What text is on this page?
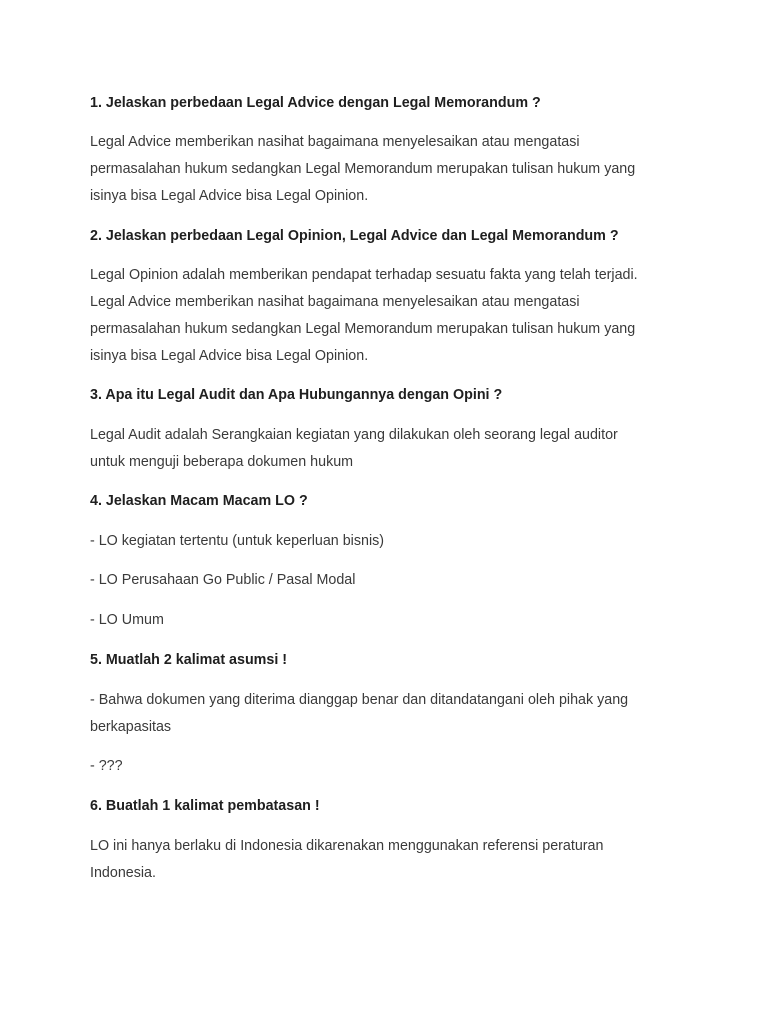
1. Jelaskan perbedaan Legal Advice dengan Legal Memorandum ?

Legal Advice memberikan nasihat bagaimana menyelesaikan atau mengatasi

permasalahan hukum sedangkan Legal Memorandum merupakan tulisan hukum yang

isinya bisa Legal Advice bisa Legal Opinion.

2. Jelaskan perbedaan Legal Opinion, Legal Advice dan Legal Memorandum ?

Legal Opinion adalah memberikan pendapat terhadap sesuatu fakta yang telah terjadi.

Legal Advice memberikan nasihat bagaimana menyelesaikan atau mengatasi

permasalahan hukum sedangkan Legal Memorandum merupakan tulisan hukum yang

isinya bisa Legal Advice bisa Legal Opinion.

3. Apa itu Legal Audit dan Apa Hubungannya dengan Opini ?

Legal Audit adalah Serangkaian kegiatan yang dilakukan oleh seorang legal auditor

untuk menguji beberapa dokumen hukum

4. Jelaskan Macam Macam LO ?

- LO kegiatan tertentu (untuk keperluan bisnis)

- LO Perusahaan Go Public / Pasal Modal

- LO Umum

5. Muatlah 2 kalimat asumsi !

- Bahwa dokumen yang diterima dianggap benar dan ditandatangani oleh pihak yang

berkapasitas

- ???

6. Buatlah 1 kalimat pembatasan !

LO ini hanya berlaku di Indonesia dikarenakan menggunakan referensi peraturan

Indonesia.
